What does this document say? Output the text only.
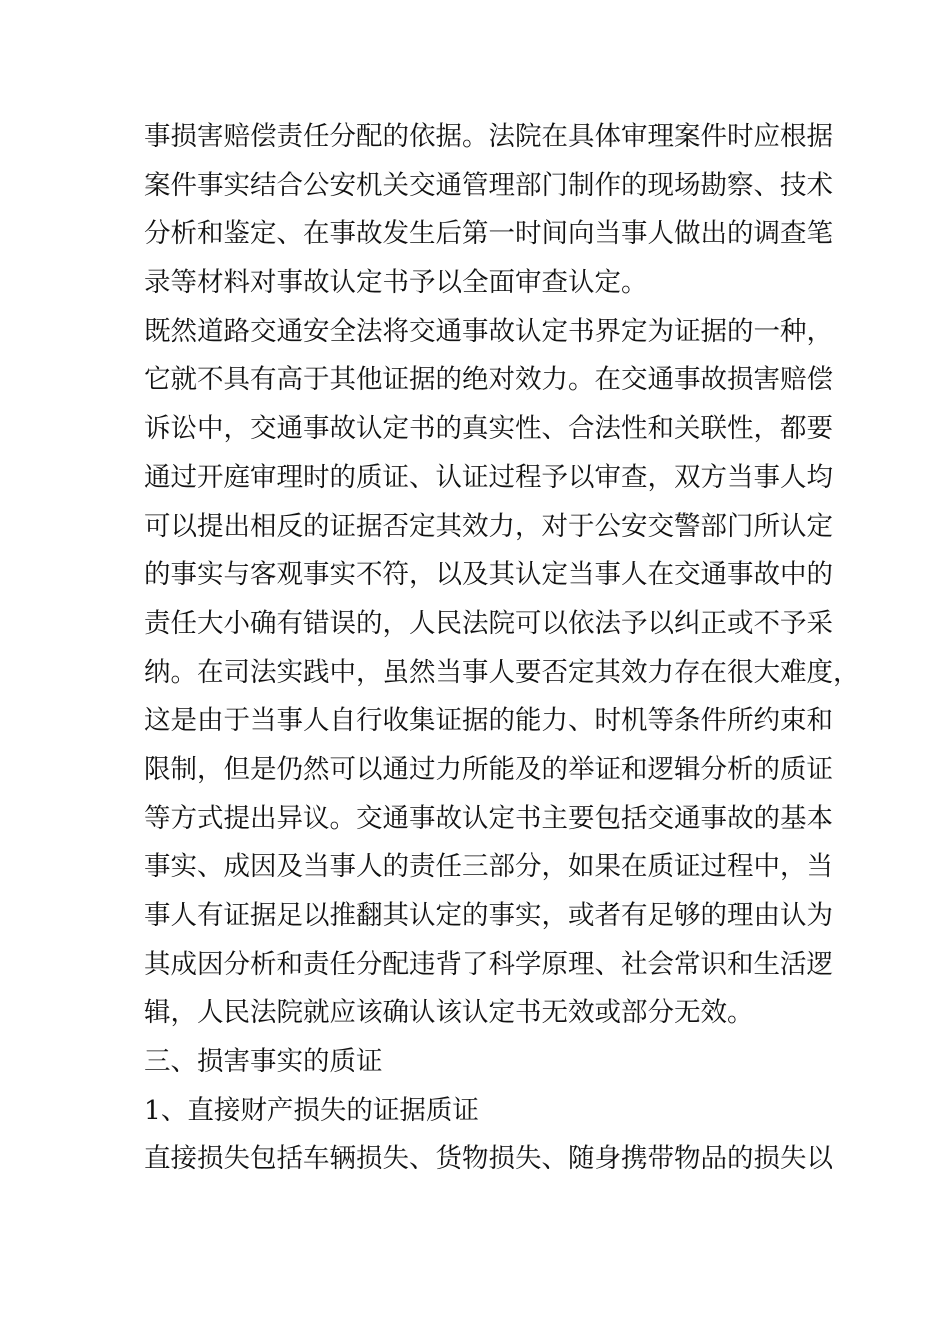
事损害赔偿责任分配的依据。法院在具体审理案件时应根据
案件事实结合公安机关交通管理部门制作的现场勘察、技术
分析和鉴定、在事故发生后第一时间向当事人做出的调查笔
录等材料对事故认定书予以全面审查认定。
既然道路交通安全法将交通事故认定书界定为证据的一种，
它就不具有高于其他证据的绝对效力。在交通事故损害赔偿
诉讼中，交通事故认定书的真实性、合法性和关联性，都要
通过开庭审理时的质证、认证过程予以审查，双方当事人均
可以提出相反的证据否定其效力，对于公安交警部门所认定
的事实与客观事实不符，以及其认定当事人在交通事故中的
责任大小确有错误的，人民法院可以依法予以纠正或不予采
纳。在司法实践中，虽然当事人要否定其效力存在很大难度，
这是由于当事人自行收集证据的能力、时机等条件所约束和
限制，但是仍然可以通过力所能及的举证和逻辑分析的质证
等方式提出异议。交通事故认定书主要包括交通事故的基本
事实、成因及当事人的责任三部分，如果在质证过程中，当
事人有证据足以推翻其认定的事实，或者有足够的理由认为
其成因分析和责任分配违背了科学原理、社会常识和生活逻
辑，人民法院就应该确认该认定书无效或部分无效。
三、损害事实的质证
1、直接财产损失的证据质证
直接损失包括车辆损失、货物损失、随身携带物品的损失以
